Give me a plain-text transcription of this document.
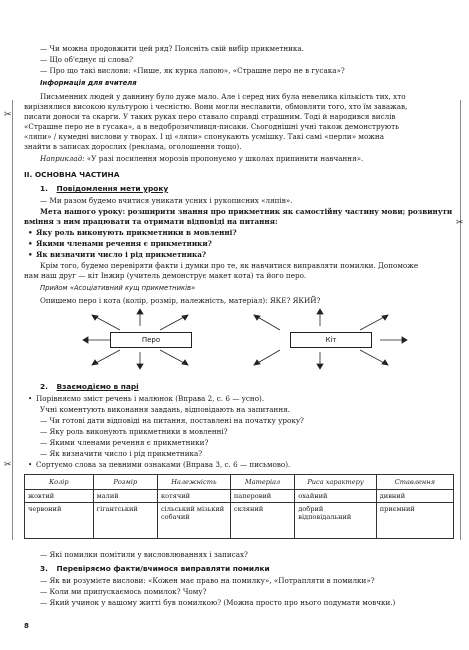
✂
✂
✂
— Чи можна продовжити цей ряд? Поясніть свій вибір прикметника.
— Що об'єднує ці слова?
— Про що такі вислови: «Пише, як курка лапою», «Страшне перо не в гусака»?
Інформація для вчителя
Письменних людей у давнину було дуже мало. Але і серед них була невелика кількість тих, хто
вирізнялися високою культурою і чесністю. Вони могли неславити, обмовляти того, хто їм заважав,
писати доноси та скарги. У таких руках перо ставало справді страшним. Тоді й народився вислів
«Страшне перо не в гусака», а в недоброзичливця-писаки. Сьогоднішні учні також демонструють
«ляпи» / кумедні вислови у творах. І ці «ляпи» спонукають усмішку. Такі самі «перли» можна
знайти в записах дорослих (реклама, оголошення тощо).
Наприклад: «У разі посилення морозів пропонуємо у школах припинити навчання».
II. ОСНОВНА ЧАСТИНА
1. Повідомлення мети уроку
— Ми разом будемо вчитися уникати усних і рукописних «ляпів».
Мета нашого уроку: розширити знання про прикметник як самостійну частину мови; розвинути
вміння з ним працювати та отримати відповіді на питання:
• Яку роль виконують прикметники в мовленні?
• Якими членами речення є прикметники?
• Як визначити число і рід прикметника?
Крім того, будемо перевіряти факти і думки про те, як навчитися виправляти помилки. Допоможе
нам наш друг — кіт Інжир (учитель демонструє макет кота) та його перо.
Прийом «Асоціативний кущ прикметників»
Опишемо перо і кота (колір, розмір, належність, матеріал): ЯКЕ? ЯКИЙ?
Перо	Кіт
2. Взаємодіємо в парі
• Порівняємо зміст речень і малюнок (Вправа 2, с. 6 — усно).
Учні коментують виконання завдань, відповідають на запитання.
— Чи готові дати відповіді на питання, поставлені на початку уроку?
— Яку роль виконують прикметники в мовленні?
— Якими членами речення є прикметники?
— Як визначити число і рід прикметника?
• Сортуємо слова за певними ознаками (Вправа 3, с. 6 — письмово).
Колір	Розмір	Належність	Матеріал	Риса характеру	Ставлення
жовтий	малий	котячий	паперовий	охайний	дивний
червоний	гігантський	сільський мізький собачий	скляний	добрий відповідальний	приємний
— Які помилки помітили у висловлюваннях і записах?
3. Перевіряємо факти/вчимося виправляти помилки
— Як ви розумієте вислови: «Кожен має право на помилку», «Потрапляти в помилки»?
— Коли ми припускаємось помилок? Чому?
— Який учинок у вашому житті був помилкою? (Можна просто про нього подумати мовчки.)
8
